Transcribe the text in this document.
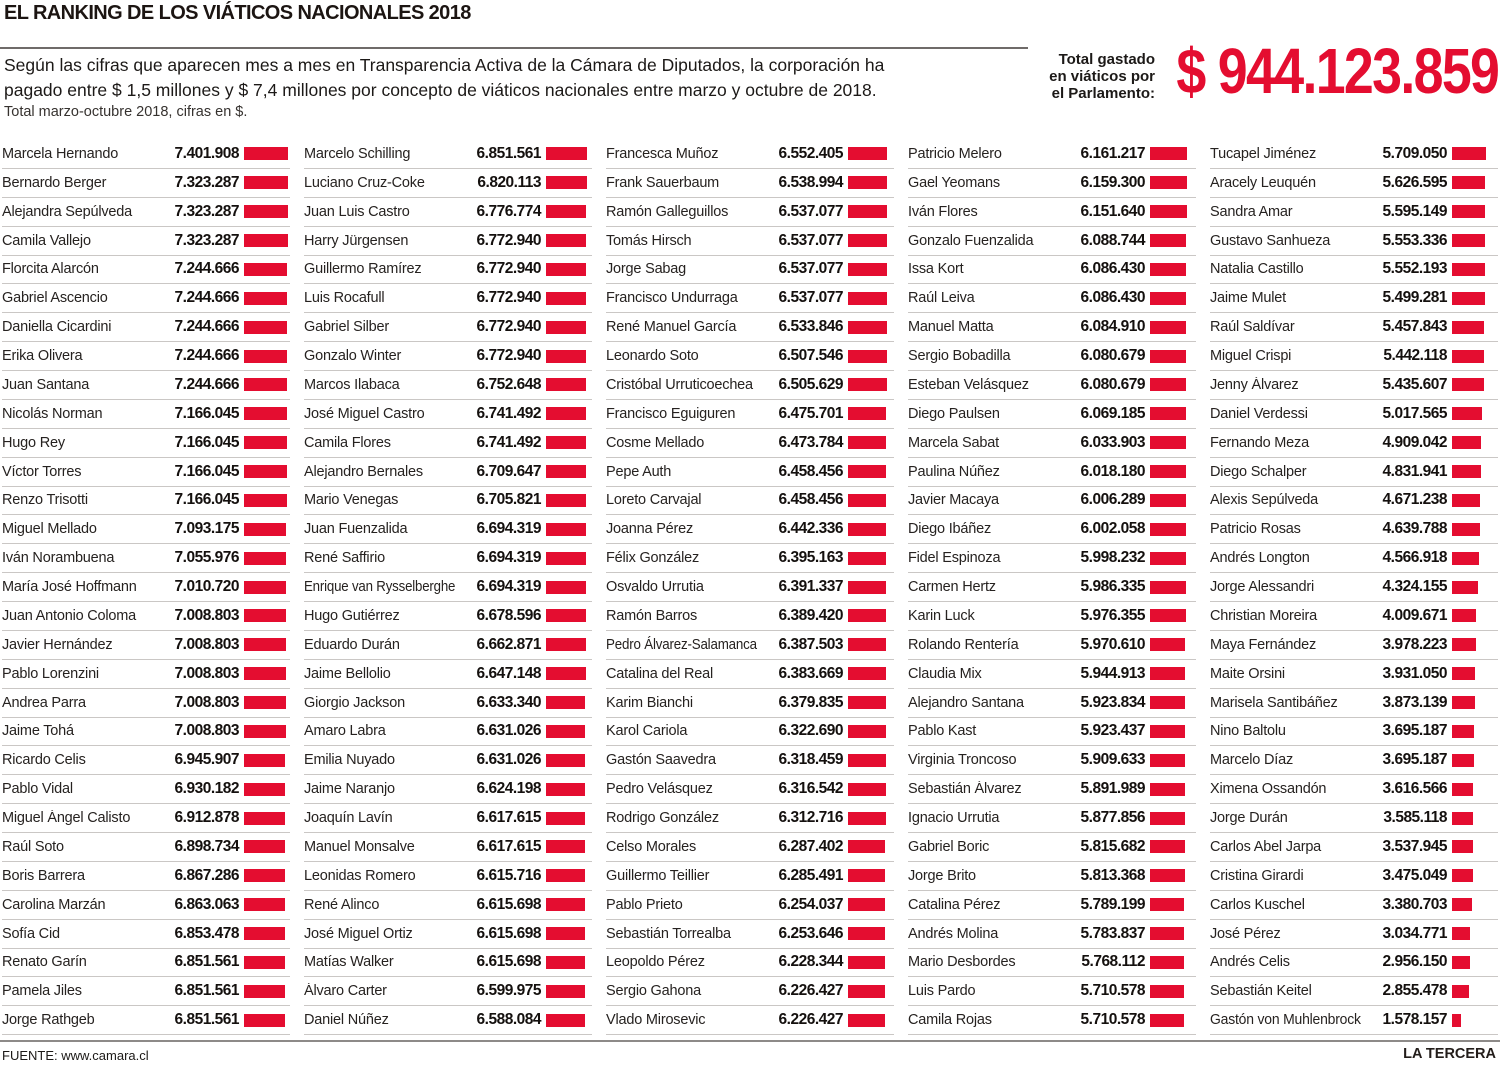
EL RANKING DE LOS VIÁTICOS NACIONALES 2018

Según las cifras que aparecen mes a mes en Transparencia Activa de la Cámara de Diputados, la corporación ha
pagado entre $ 1,5 millones y $ 7,4 millones por concepto de viáticos nacionales entre marzo y octubre de 2018.

Total marzo-octubre 2018, cifras en $.

Total gastado
en viáticos por
el Parlamento: $ 944.123.859
Marcela Hernando	7.401.908
Bernardo Berger	7.323.287
Alejandra Sepúlveda	7.323.287
Camila Vallejo	7.323.287
Florcita Alarcón	7.244.666
Gabriel Ascencio	7.244.666
Daniella Cicardini	7.244.666
Erika Olivera	7.244.666
Juan Santana	7.244.666
Nicolás Norman	7.166.045
Hugo Rey	7.166.045
Víctor Torres	7.166.045
Renzo Trisotti	7.166.045
Miguel Mellado	7.093.175
Iván Norambuena	7.055.976
María José Hoffmann	7.010.720
Juan Antonio Coloma	7.008.803
Javier Hernández	7.008.803
Pablo Lorenzini	7.008.803
Andrea Parra	7.008.803
Jaime Tohá	7.008.803
Ricardo Celis	6.945.907
Pablo Vidal	6.930.182
Miguel Ángel Calisto	6.912.878
Raúl Soto	6.898.734
Boris Barrera	6.867.286
Carolina Marzán	6.863.063
Sofía Cid	6.853.478
Renato Garín	6.851.561
Pamela Jiles	6.851.561
Jorge Rathgeb	6.851.561
Marcelo Schilling	6.851.561
Luciano Cruz-Coke	6.820.113
Juan Luis Castro	6.776.774
Harry Jürgensen	6.772.940
Guillermo Ramírez	6.772.940
Luis Rocafull	6.772.940
Gabriel Silber	6.772.940
Gonzalo Winter	6.772.940
Marcos Ilabaca	6.752.648
José Miguel Castro	6.741.492
Camila Flores	6.741.492
Alejandro Bernales	6.709.647
Mario Venegas	6.705.821
Juan Fuenzalida	6.694.319
René Saffirio	6.694.319
Enrique van Rysselberghe	6.694.319
Hugo Gutiérrez	6.678.596
Eduardo Durán	6.662.871
Jaime Bellolio	6.647.148
Giorgio Jackson	6.633.340
Amaro Labra	6.631.026
Emilia Nuyado	6.631.026
Jaime Naranjo	6.624.198
Joaquín Lavín	6.617.615
Manuel Monsalve	6.617.615
Leonidas Romero	6.615.716
René Alinco	6.615.698
José Miguel Ortiz	6.615.698
Matías Walker	6.615.698
Álvaro Carter	6.599.975
Daniel Núñez	6.588.084
Francesca Muñoz	6.552.405
Frank Sauerbaum	6.538.994
Ramón Galleguillos	6.537.077
Tomás Hirsch	6.537.077
Jorge Sabag	6.537.077
Francisco Undurraga	6.537.077
René Manuel García	6.533.846
Leonardo Soto	6.507.546
Cristóbal Urruticoechea	6.505.629
Francisco Eguiguren	6.475.701
Cosme Mellado	6.473.784
Pepe Auth	6.458.456
Loreto Carvajal	6.458.456
Joanna Pérez	6.442.336
Félix González	6.395.163
Osvaldo Urrutia	6.391.337
Ramón Barros	6.389.420
Pedro Álvarez-Salamanca	6.387.503
Catalina del Real	6.383.669
Karim Bianchi	6.379.835
Karol Cariola	6.322.690
Gastón Saavedra	6.318.459
Pedro Velásquez	6.316.542
Rodrigo González	6.312.716
Celso Morales	6.287.402
Guillermo Teillier	6.285.491
Pablo Prieto	6.254.037
Sebastián Torrealba	6.253.646
Leopoldo Pérez	6.228.344
Sergio Gahona	6.226.427
Vlado Mirosevic	6.226.427
Patricio Melero	6.161.217
Gael Yeomans	6.159.300
Iván Flores	6.151.640
Gonzalo Fuenzalida	6.088.744
Issa Kort	6.086.430
Raúl Leiva	6.086.430
Manuel Matta	6.084.910
Sergio Bobadilla	6.080.679
Esteban Velásquez	6.080.679
Diego Paulsen	6.069.185
Marcela Sabat	6.033.903
Paulina Núñez	6.018.180
Javier Macaya	6.006.289
Diego Ibáñez	6.002.058
Fidel Espinoza	5.998.232
Carmen Hertz	5.986.335
Karin Luck	5.976.355
Rolando Rentería	5.970.610
Claudia Mix	5.944.913
Alejandro Santana	5.923.834
Pablo Kast	5.923.437
Virginia Troncoso	5.909.633
Sebastián Álvarez	5.891.989
Ignacio Urrutia	5.877.856
Gabriel Boric	5.815.682
Jorge Brito	5.813.368
Catalina Pérez	5.789.199
Andrés Molina	5.783.837
Mario Desbordes	5.768.112
Luis Pardo	5.710.578
Camila Rojas	5.710.578
Tucapel Jiménez	5.709.050
Aracely Leuquén	5.626.595
Sandra Amar	5.595.149
Gustavo Sanhueza	5.553.336
Natalia Castillo	5.552.193
Jaime Mulet	5.499.281
Raúl Saldívar	5.457.843
Miguel Crispi	5.442.118
Jenny Álvarez	5.435.607
Daniel Verdessi	5.017.565
Fernando Meza	4.909.042
Diego Schalper	4.831.941
Alexis Sepúlveda	4.671.238
Patricio Rosas	4.639.788
Andrés Longton	4.566.918
Jorge Alessandri	4.324.155
Christian Moreira	4.009.671
Maya Fernández	3.978.223
Maite Orsini	3.931.050
Marisela Santibáñez	3.873.139
Nino Baltolu	3.695.187
Marcelo Díaz	3.695.187
Ximena Ossandón	3.616.566
Jorge Durán	3.585.118
Carlos Abel Jarpa	3.537.945
Cristina Girardi	3.475.049
Carlos Kuschel	3.380.703
José Pérez	3.034.771
Andrés Celis	2.956.150
Sebastián Keitel	2.855.478
Gastón von Muhlenbrock	1.578.157
FUENTE: www.camara.cl	LA TERCERA
